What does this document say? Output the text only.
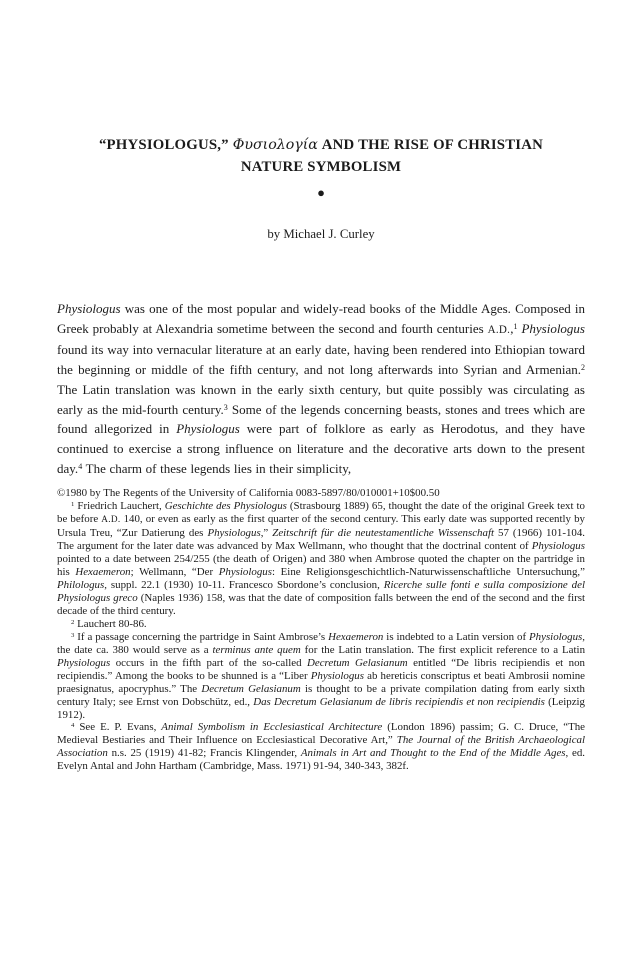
“PHYSIOLOGUS,” Φυσιολογία AND THE RISE OF CHRISTIAN
NATURE SYMBOLISM
●
by Michael J. Curley

Physiologus was one of the most popular and widely-read books of the Middle Ages. Composed in Greek probably at Alexandria sometime between the second and fourth centuries A.D.,$^1$ Physiologus found its way into vernacular literature at an early date, having been rendered into Ethiopian toward the beginning or middle of the fifth century, and not long afterwards into Syrian and Armenian.$^2$ The Latin translation was known in the early sixth century, but quite possibly was circulating as early as the mid-fourth century.$^3$ Some of the legends concerning beasts, stones and trees which are found allegorized in Physiologus were part of folklore as early as Herodotus, and they have continued to exercise a strong influence on literature and the decorative arts down to the present day.$^4$ The charm of these legends lies in their simplicity,

©1980 by The Regents of the University of California 0083-5897/80/010001+10$00.50

$^1$ Friedrich Lauchert, Geschichte des Physiologus (Strasbourg 1889) 65, thought the date of the original Greek text to be before A.D. 140, or even as early as the first quarter of the second century. This early date was supported recently by Ursula Treu, “Zur Datierung des Physiologus,” Zeitschrift für die neutestamentliche Wissenschaft 57 (1966) 101-104. The argument for the later date was advanced by Max Wellmann, who thought that the doctrinal content of Physiologus pointed to a date between 254/255 (the death of Origen) and 380 when Ambrose quoted the chapter on the partridge in his Hexaemeron; Wellmann, “Der Physiologus: Eine Religionsgeschichtlich-Naturwissenschaftliche Untersuchung,” Philologus, suppl. 22.1 (1930) 10-11. Francesco Sbordone’s conclusion, Ricerche sulle fonti e sulla composizione del Physiologus greco (Naples 1936) 158, was that the date of composition falls between the end of the second and the first decade of the third century.

$^2$ Lauchert 80-86.

$^3$ If a passage concerning the partridge in Saint Ambrose’s Hexaemeron is indebted to a Latin version of Physiologus, the date ca. 380 would serve as a terminus ante quem for the Latin translation. The first explicit reference to a Latin Physiologus occurs in the fifth part of the so-called Decretum Gelasianum entitled “De libris recipiendis et non recipiendis.” Among the books to be shunned is a “Liber Physiologus ab hereticis conscriptus et beati Ambrosii nomine praesignatus, apocryphus.” The Decretum Gelasianum is thought to be a private compilation dating from early sixth century Italy; see Ernst von Dobschütz, ed., Das Decretum Gelasianum de libris recipiendis et non recipiendis (Leipzig 1912).

$^4$ See E. P. Evans, Animal Symbolism in Ecclesiastical Architecture (London 1896) passim; G. C. Druce, “The Medieval Bestiaries and Their Influence on Ecclesiastical Decorative Art,” The Journal of the British Archaeological Association n.s. 25 (1919) 41-82; Francis Klingender, Animals in Art and Thought to the End of the Middle Ages, ed. Evelyn Antal and John Hartham (Cambridge, Mass. 1971) 91-94, 340-343, 382f.
